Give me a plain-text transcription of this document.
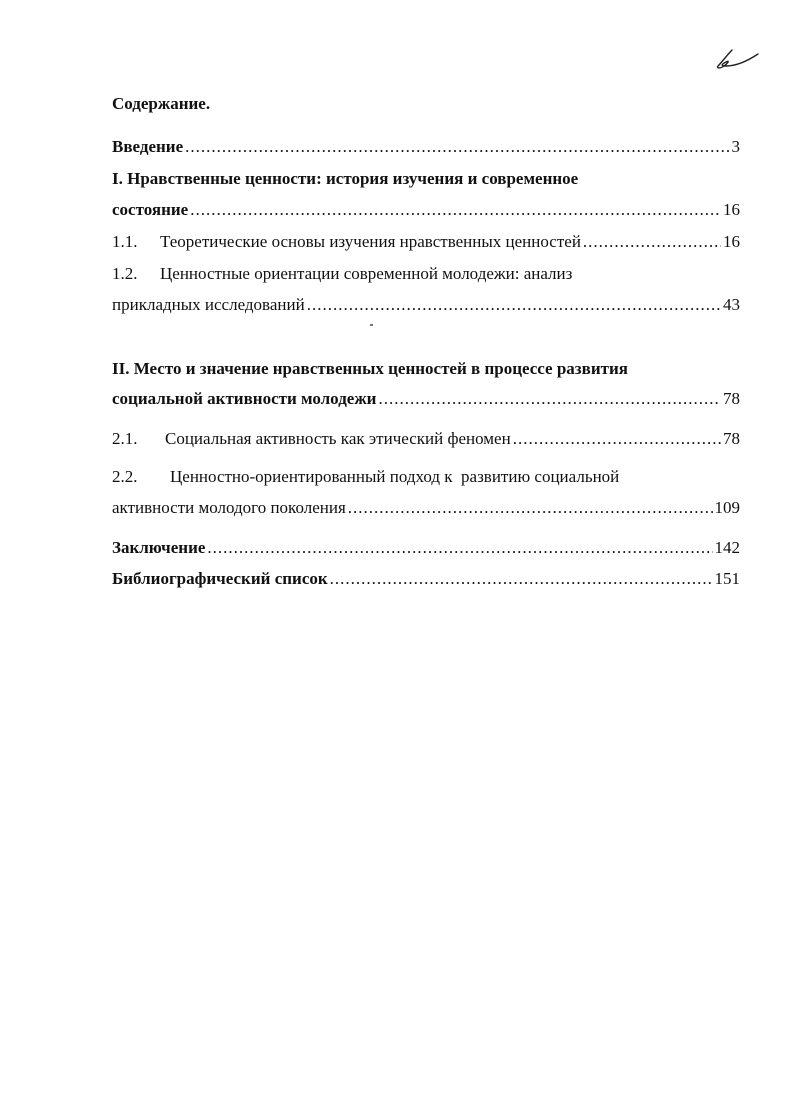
Содержание.
Введение .....	3
I. Нравственные ценности: история изучения и современное
состояние .....	16
1.1.	Теоретические основы изучения нравственных ценностей .....	16
1.2. Ценностные ориентации современной молодежи: анализ
прикладных исследований .....	43
II. Место и значение нравственных ценностей в процессе развития
социальной активности молодежи .....	78
2.1.	Социальная активность как этический феномен .....	78
2.2. Ценностно-ориентированный подход к  развитию социальной
активности молодого поколения .....	109
Заключение .....	142
Библиографический список .....	151
